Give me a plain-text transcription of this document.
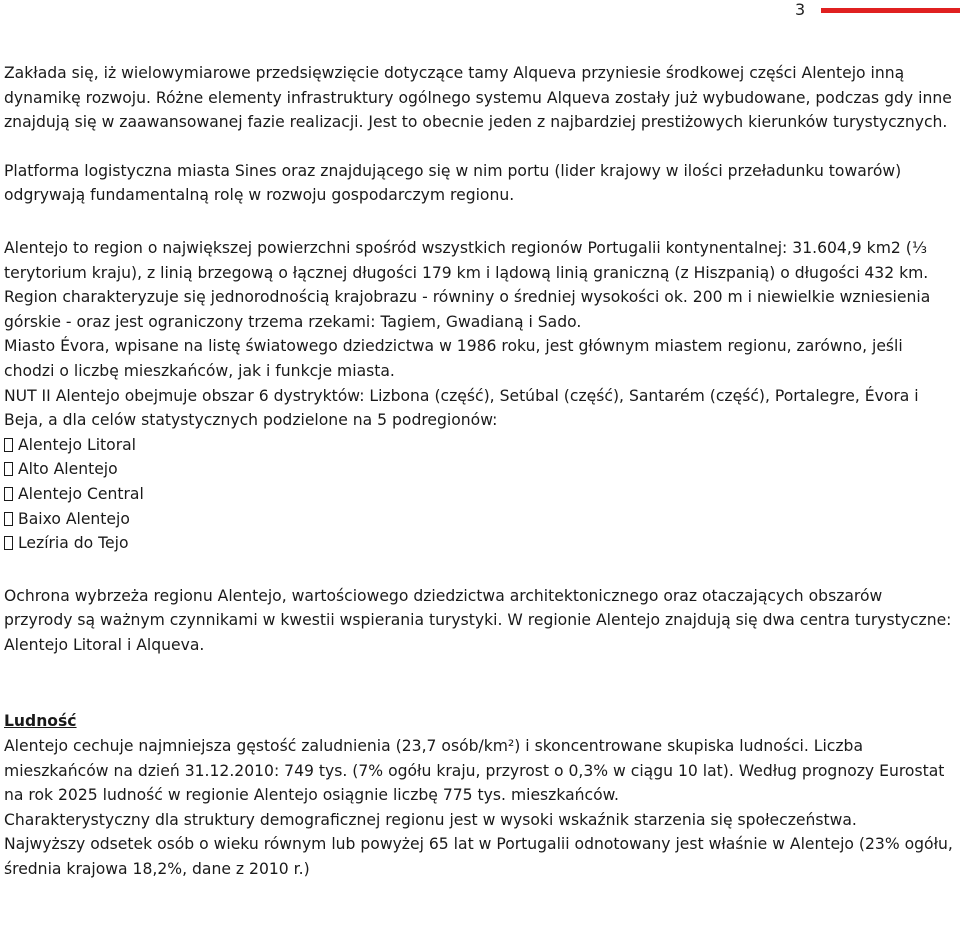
3

Zakłada się, iż wielowymiarowe przedsięwzięcie dotyczące tamy Alqueva przyniesie środkowej części Alentejo inną dynamikę rozwoju. Różne elementy infrastruktury ogólnego systemu Alqueva zostały już wybudowane, podczas gdy inne znajdują się w zaawansowanej fazie realizacji. Jest to obecnie jeden z najbardziej prestiżowych kierunków turystycznych.

Platforma logistyczna miasta Sines oraz znajdującego się w nim portu (lider krajowy w ilości przeładunku towarów) odgrywają fundamentalną rolę w rozwoju gospodarczym regionu.

Alentejo to region o największej powierzchni spośród wszystkich regionów Portugalii kontynentalnej: 31.604,9 km2 (⅓ terytorium kraju), z linią brzegową o łącznej długości 179 km i lądową linią graniczną (z Hiszpanią) o długości 432 km.

Region charakteryzuje się jednorodnością krajobrazu - równiny o średniej wysokości ok. 200 m i niewielkie wzniesienia górskie - oraz jest ograniczony trzema rzekami: Tagiem, Gwadianą i Sado.

Miasto Évora, wpisane na listę światowego dziedzictwa w 1986 roku, jest głównym miastem regionu, zarówno, jeśli chodzi o liczbę mieszkańców, jak i funkcje miasta.

NUT II Alentejo obejmuje obszar 6 dystryktów: Lizbona (część), Setúbal (część), Santarém (część), Portalegre, Évora i Beja, a dla celów statystycznych podzielone na 5 podregionów:

Alentejo Litoral
Alto Alentejo
Alentejo Central
Baixo Alentejo
Lezíria do Tejo

Ochrona wybrzeża regionu Alentejo, wartościowego dziedzictwa architektonicznego oraz otaczających obszarów przyrody są ważnym czynnikami w kwestii wspierania turystyki. W regionie Alentejo znajdują się dwa centra turystyczne: Alentejo Litoral i Alqueva.

Ludność

Alentejo cechuje najmniejsza gęstość zaludnienia (23,7 osób/km²) i skoncentrowane skupiska ludności. Liczba mieszkańców na dzień 31.12.2010: 749 tys. (7% ogółu kraju, przyrost o 0,3% w ciągu 10 lat). Według prognozy Eurostat na rok 2025 ludność w regionie Alentejo osiągnie liczbę 775 tys. mieszkańców.

Charakterystyczny dla struktury demograficznej regionu jest w wysoki wskaźnik starzenia się społeczeństwa.

Najwyższy odsetek osób o wieku równym lub powyżej 65 lat w Portugalii odnotowany jest właśnie w Alentejo (23% ogółu, średnia krajowa 18,2%, dane z 2010 r.)
